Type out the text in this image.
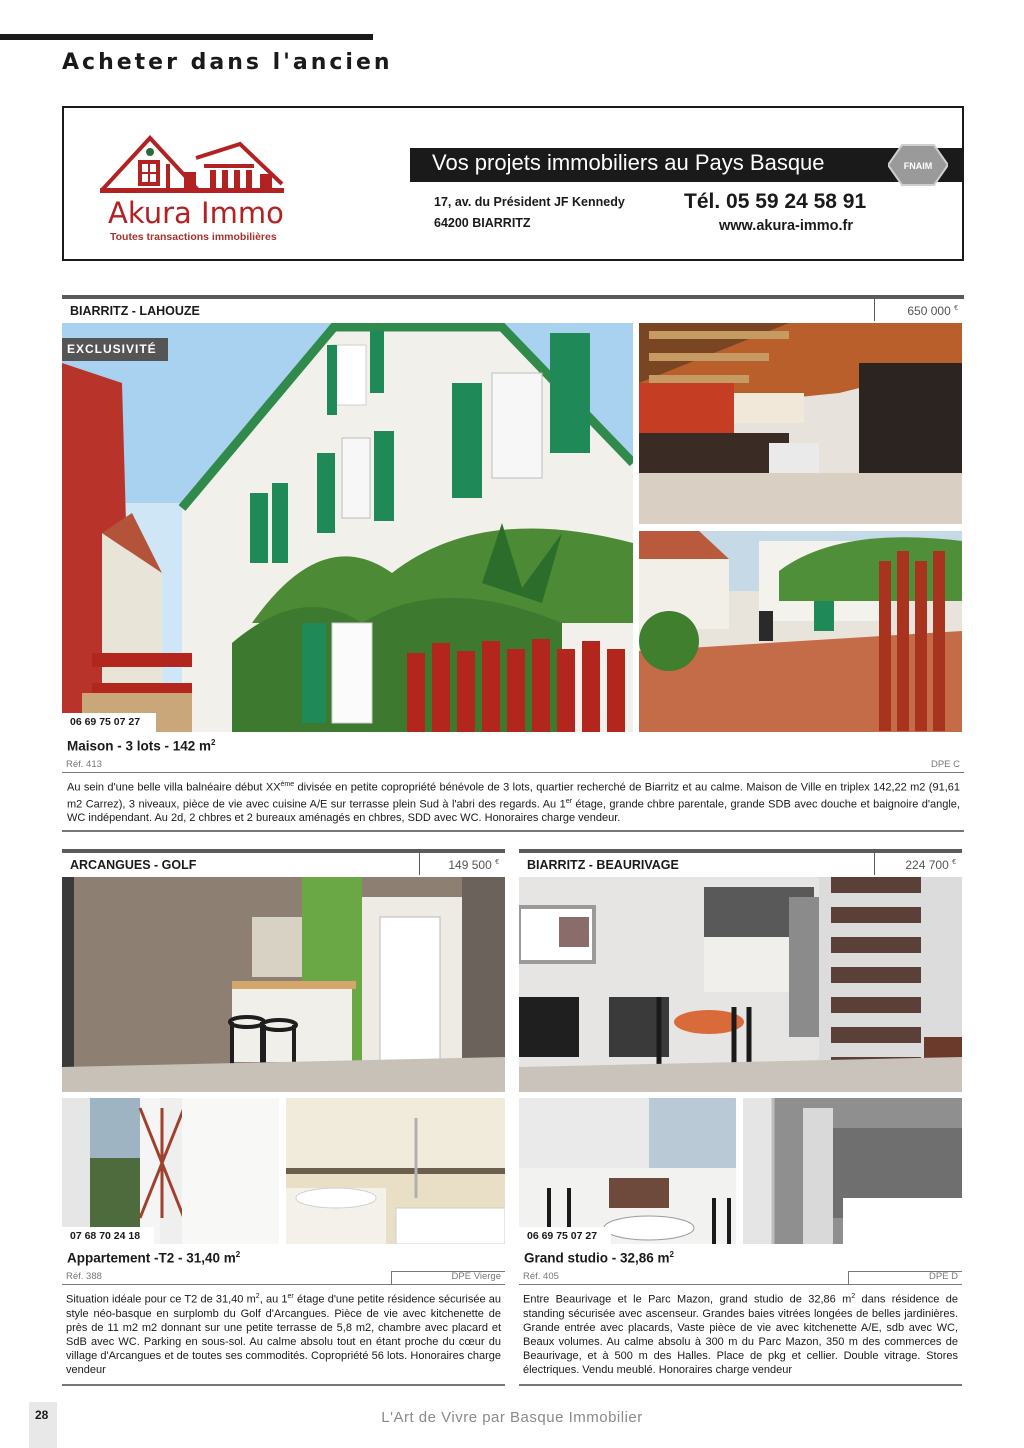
Acheter dans l'ancien
Akura Immo
Toutes transactions immobilières
Vos projets immobiliers au Pays Basque	FNAIM
17, av. du Président JF Kennedy
64200 BIARRITZ
Tél. 05 59 24 58 91
www.akura-immo.fr
BIARRITZ - LAHOUZE	650 000 €
EXCLUSIVITÉ
06 69 75 07 27
Maison - 3 lots - 142 $m^2$
Réf. 413	DPE C
Au sein d'une belle villa balnéaire début XXème divisée en petite copropriété bénévole de 3 lots, quartier recherché de Biarritz et au calme. Maison de Ville en triplex 142,22 m2 (91,61 m2 Carrez), 3 niveaux, pièce de vie avec cuisine A/E sur terrasse plein Sud à l'abri des regards. Au 1er étage, grande chbre parentale, grande SDB avec douche et baignoire d'angle, WC indépendant. Au 2d, 2 chbres et 2 bureaux aménagés en chbres, SDD avec WC. Honoraires charge vendeur.
ARCANGUES - GOLF	149 500 €
07 68 70 24 18
Appartement -T2 - 31,40 $m^2$
Réf. 388	DPE Vierge
Situation idéale pour ce T2 de 31,40 $m^2$, au 1er étage d'une petite résidence sécurisée au style néo-basque en surplomb du Golf d'Arcangues. Pièce de vie avec kitchenette de près de 11 m2 m2 donnant sur une petite terrasse de 5,8 m2, chambre avec placard et SdB avec WC. Parking en sous-sol. Au calme absolu tout en étant proche du cœur du village d'Arcangues et de toutes ses commodités. Copropriété 56 lots. Honoraires charge vendeur
BIARRITZ - BEAURIVAGE	224 700 €
06 69 75 07 27
Grand studio - 32,86 $m^2$
Réf. 405	DPE D
Entre Beaurivage et le Parc Mazon, grand studio de 32,86 $m^2$ dans résidence de standing sécurisée avec ascenseur. Grandes baies vitrées longées de belles jardinières. Grande entrée avec placards, Vaste pièce de vie avec kitchenette A/E, sdb avec WC, Beaux volumes. Au calme absolu à 300 m du Parc Mazon, 350 m des commerces de Beaurivage, et à 500 m des Halles. Place de pkg et cellier. Double vitrage. Stores électriques. Vendu meublé. Honoraires charge vendeur
28	L'Art de Vivre par Basque Immobilier
